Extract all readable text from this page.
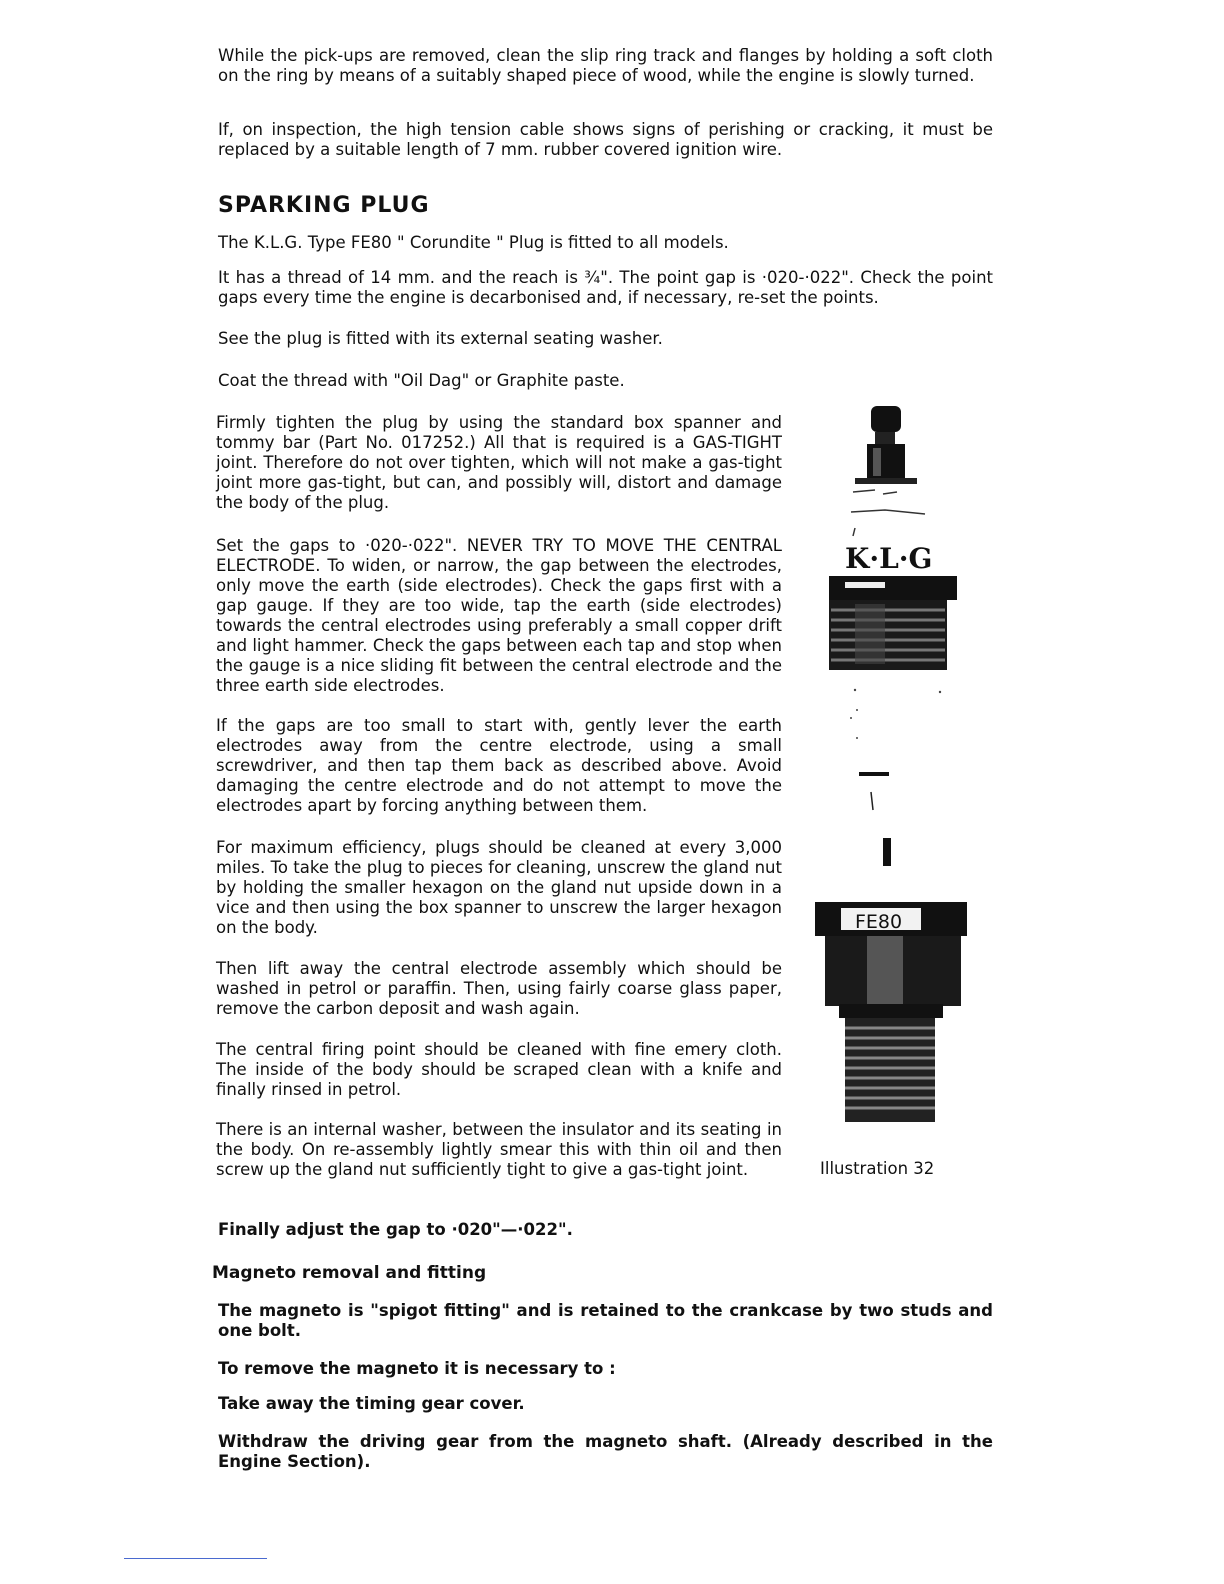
While the pick-ups are removed, clean the slip ring track and flanges by holding a soft cloth on the ring by means of a suitably shaped piece of wood, while the engine is slowly turned.

If, on inspection, the high tension cable shows signs of perishing or cracking, it must be replaced by a suitable length of 7 mm. rubber covered ignition wire.

SPARKING PLUG

The K.L.G. Type FE80 " Corundite " Plug is fitted to all models.

It has a thread of 14 mm. and the reach is ¾". The point gap is ·020-·022". Check the point gaps every time the engine is decarbonised and, if necessary, re-set the points.

See the plug is fitted with its external seating washer.

Coat the thread with "Oil Dag" or Graphite paste.

Firmly tighten the plug by using the standard box spanner and tommy bar (Part No. 017252.) All that is required is a GAS-TIGHT joint. Therefore do not over tighten, which will not make a gas-tight joint more gas-tight, but can, and possibly will, distort and damage the body of the plug.

Set the gaps to ·020-·022". NEVER TRY TO MOVE THE CENTRAL ELECTRODE. To widen, or narrow, the gap between the electrodes, only move the earth (side electrodes). Check the gaps first with a gap gauge. If they are too wide, tap the earth (side electrodes) towards the central electrodes using preferably a small copper drift and light hammer. Check the gaps between each tap and stop when the gauge is a nice sliding fit between the central electrode and the three earth side electrodes.

If the gaps are too small to start with, gently lever the earth electrodes away from the centre electrode, using a small screwdriver, and then tap them back as described above. Avoid damaging the centre electrode and do not attempt to move the electrodes apart by forcing anything between them.

For maximum efficiency, plugs should be cleaned at every 3,000 miles. To take the plug to pieces for cleaning, unscrew the gland nut by holding the smaller hexagon on the gland nut upside down in a vice and then using the box spanner to unscrew the larger hexagon on the body.

Then lift away the central electrode assembly which should be washed in petrol or paraffin. Then, using fairly coarse glass paper, remove the carbon deposit and wash again.

The central firing point should be cleaned with fine emery cloth. The inside of the body should be scraped clean with a knife and finally rinsed in petrol.

There is an internal washer, between the insulator and its seating in the body. On re-assembly lightly smear this with thin oil and then screw up the gland nut sufficiently tight to give a gas-tight joint.

Finally adjust the gap to ·020"—·022".

Magneto removal and fitting

The magneto is "spigot fitting" and is retained to the crankcase by two studs and one bolt.

To remove the magneto it is necessary to :

Take away the timing gear cover.

Withdraw the driving gear from the magneto shaft. (Already described in the Engine Section).

K·L·G
FE80

Illustration 32
